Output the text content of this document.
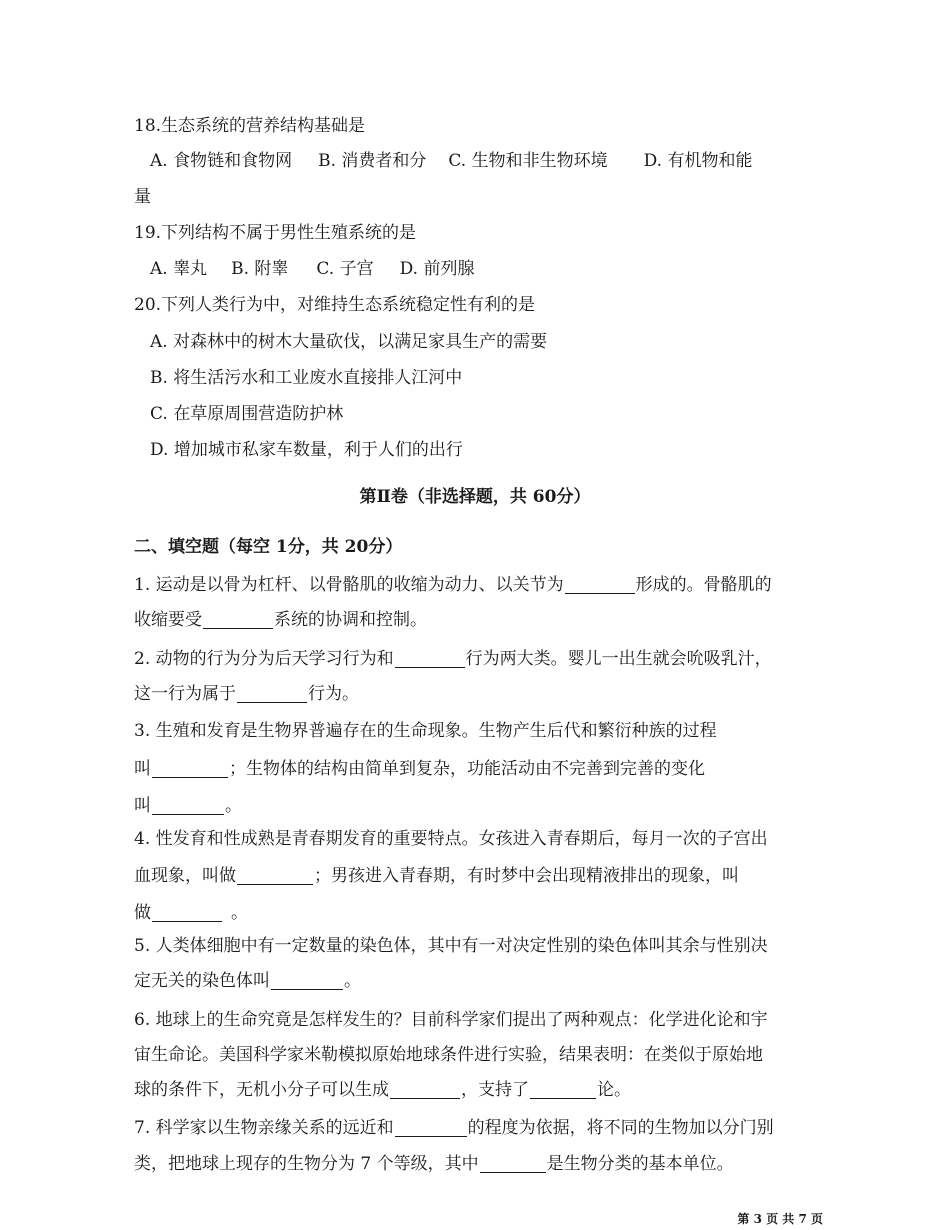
18.生态系统的营养结构基础是
A. 食物链和食物网 B. 消费者和分 C. 生物和非生物环境 D. 有机物和能
量
19.下列结构不属于男性生殖系统的是
A. 睾丸 B. 附睾 C. 子宫 D. 前列腺
20.下列人类行为中，对维持生态系统稳定性有利的是
A. 对森林中的树木大量砍伐，以满足家具生产的需要
B. 将生活污水和工业废水直接排人江河中
C. 在草原周围营造防护林
D. 增加城市私家车数量，利于人们的出行
第Ⅱ卷（非选择题，共 60分）
二、填空题（每空 1分，共 20分）
1. 运动是以骨为杠杆、以骨骼肌的收缩为动力、以关节为	形成的。骨骼肌的
收缩要受	系统的协调和控制。
2. 动物的行为分为后天学习行为和	行为两大类。婴儿一出生就会吮吸乳汁，
这一行为属于	行为。
3. 生殖和发育是生物界普遍存在的生命现象。生物产生后代和繁衍种族的过程
叫	；生物体的结构由简单到复杂，功能活动由不完善到完善的变化
叫	。
4. 性发育和性成熟是青春期发育的重要特点。女孩进入青春期后，每月一次的子宫出
血现象，叫做	；男孩进入青春期，有时梦中会出现精液排出的现象，叫
做	。
5. 人类体细胞中有一定数量的染色体，其中有一对决定性别的染色体叫其余与性别决
定无关的染色体叫	。
6. 地球上的生命究竟是怎样发生的？目前科学家们提出了两种观点：化学进化论和宇
宙生命论。美国科学家米勒模拟原始地球条件进行实验，结果表明：在类似于原始地
球的条件下，无机小分子可以生成	，支持了	论。
7. 科学家以生物亲缘关系的远近和	的程度为依据，将不同的生物加以分门别
类，把地球上现存的生物分为 7 个等级，其中	是生物分类的基本单位。
第 3 页 共 7 页
